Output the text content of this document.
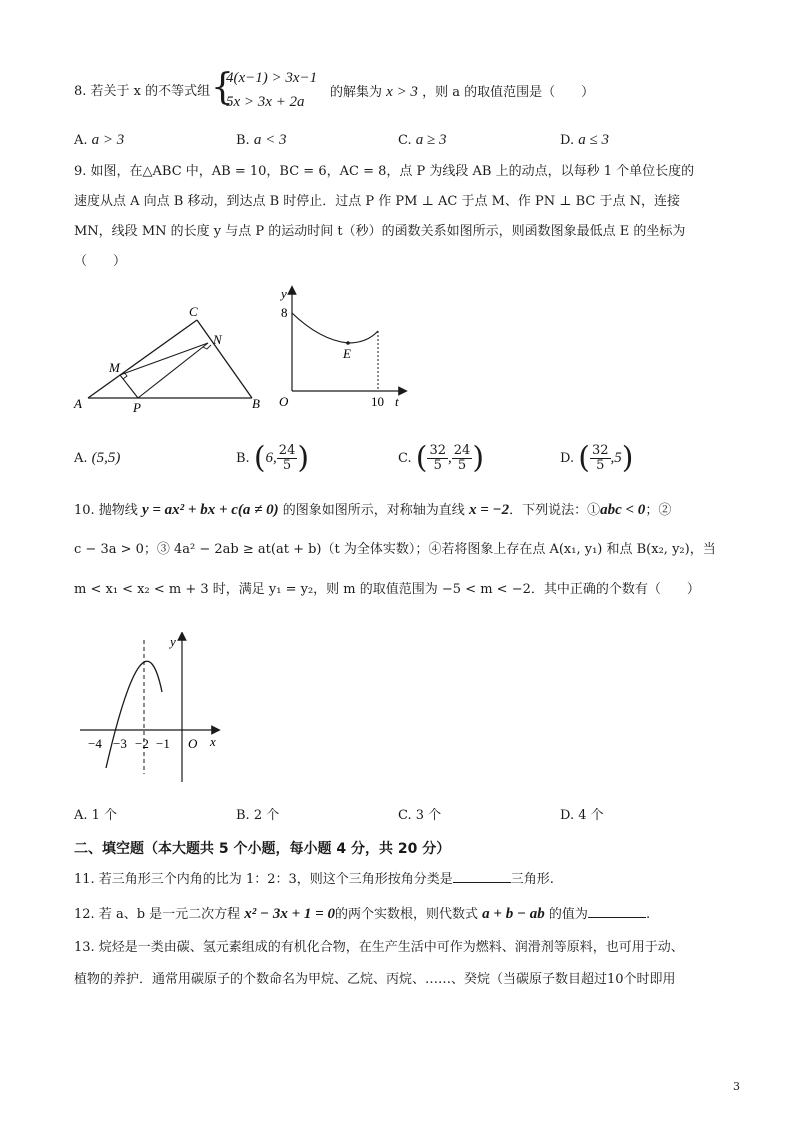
8. 若关于 x 的不等式组 {
4(x−1) > 3x−1
5x > 3x + 2a
的解集为 x > 3 ，则 a 的取值范围是（　　）
A. a > 3	B. a < 3	C. a ≥ 3	D. a ≤ 3
9. 如图，在△ABC 中，AB = 10，BC = 6，AC = 8，点 P 为线段 AB 上的动点，以每秒 1 个单位长度的
速度从点 A 向点 B 移动，到达点 B 时停止．过点 P 作 PM ⊥ AC 于点 M、作 PN ⊥ BC 于点 N，连接
MN，线段 MN 的长度 y 与点 P 的运动时间 t（秒）的函数关系如图所示，则函数图象最低点 E 的坐标为
（　　）
A	B
C
M
N
P
y
8
O	10 t
E
A. (5,5)	B. (6, $\frac{24}{5}$ )	C. ( $\frac{32}{5}$ , $\frac{24}{5}$ )	D. ( $\frac{32}{5} ,5$)
10. 抛物线 y = ax² + bx + c(a ≠ 0) 的图象如图所示，对称轴为直线 x = −2．下列说法：①abc < 0；②
c − 3a > 0；③ 4a² − 2ab ≥ at(at + b)（t 为全体实数）；④若将图象上存在点 A(x₁, y₁) 和点 B(x₂, y₂)，当
m < x₁ < x₂ < m + 3 时，满足 y₁ = y₂，则 m 的取值范围为 −5 < m < −2．其中正确的个数有（　　）
y
x
O
−4 −3 −2 −1
A. 1 个	B. 2 个	C. 3 个	D. 4 个
二、填空题（本大题共 5 个小题，每小题 4 分，共 20 分）
11. 若三角形三个内角的比为 1：2：3，则这个三角形按角分类是	三角形.
12. 若 a、b 是一元二次方程 x² − 3x + 1 = 0的两个实数根，则代数式 a + b − ab 的值为	.
13. 烷烃是一类由碳、氢元素组成的有机化合物，在生产生活中可作为燃料、润滑剂等原料，也可用于动、
植物的养护．通常用碳原子的个数命名为甲烷、乙烷、丙烷、……、癸烷（当碳原子数目超过10个时即用
3
